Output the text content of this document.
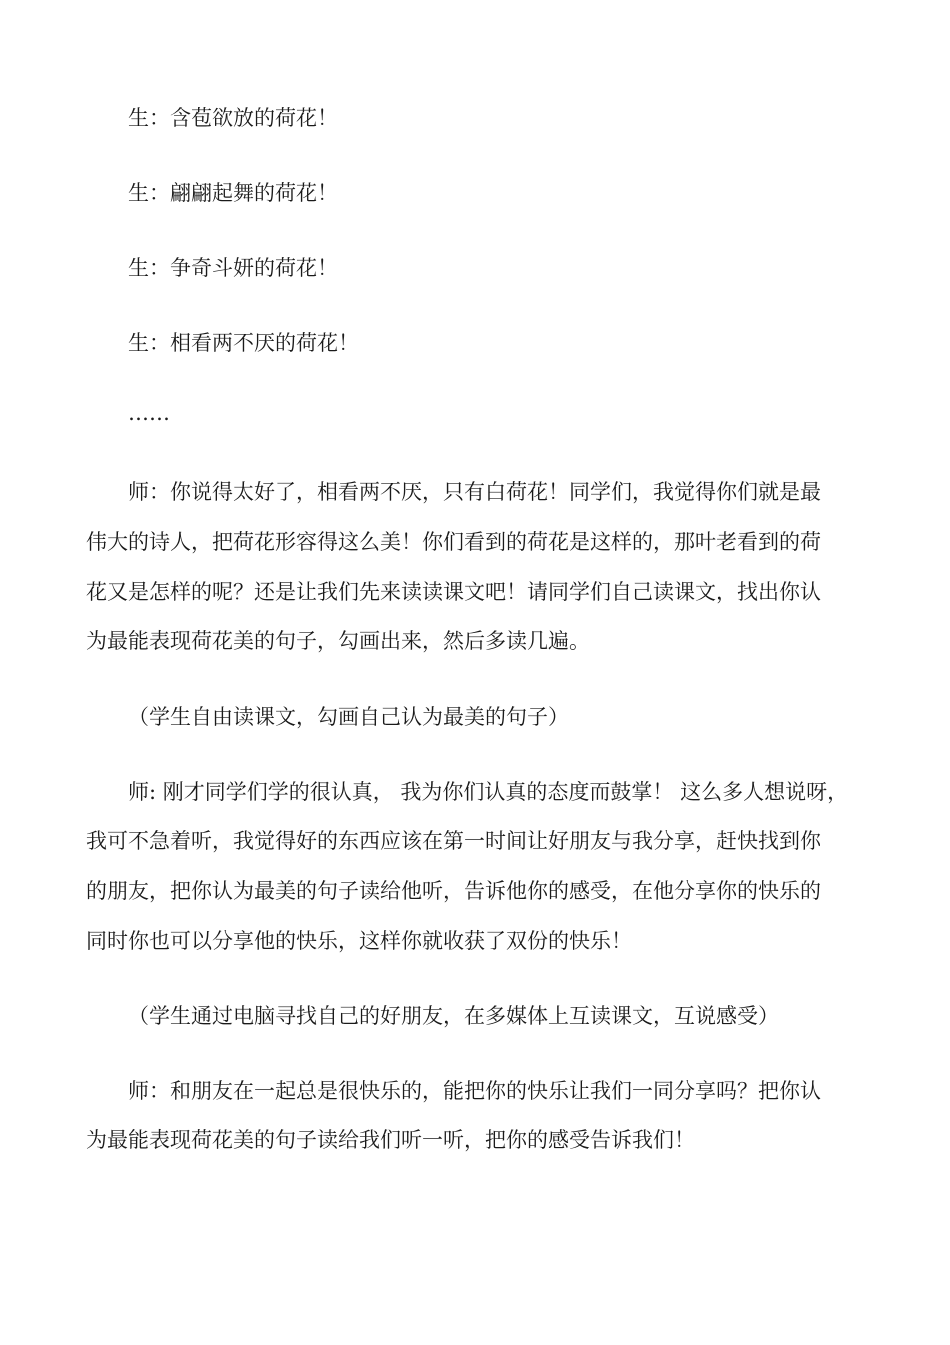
生：含苞欲放的荷花！
生：翩翩起舞的荷花！
生：争奇斗妍的荷花！
生：相看两不厌的荷花！
……
师：你说得太好了，相看两不厌，只有白荷花！同学们，我觉得你们就是最
伟大的诗人，把荷花形容得这么美！你们看到的荷花是这样的，那叶老看到的荷
花又是怎样的呢？还是让我们先来读读课文吧！请同学们自己读课文，找出你认
为最能表现荷花美的句子，勾画出来，然后多读几遍。
（学生自由读课文，勾画自己认为最美的句子）
师: 刚才同学们学的很认真， 我为你们认真的态度而鼓掌！ 这么多人想说呀，
我可不急着听，我觉得好的东西应该在第一时间让好朋友与我分享，赶快找到你
的朋友，把你认为最美的句子读给他听，告诉他你的感受，在他分享你的快乐的
同时你也可以分享他的快乐，这样你就收获了双份的快乐！
（学生通过电脑寻找自己的好朋友，在多媒体上互读课文，互说感受）
师：和朋友在一起总是很快乐的，能把你的快乐让我们一同分享吗？把你认
为最能表现荷花美的句子读给我们听一听，把你的感受告诉我们！
